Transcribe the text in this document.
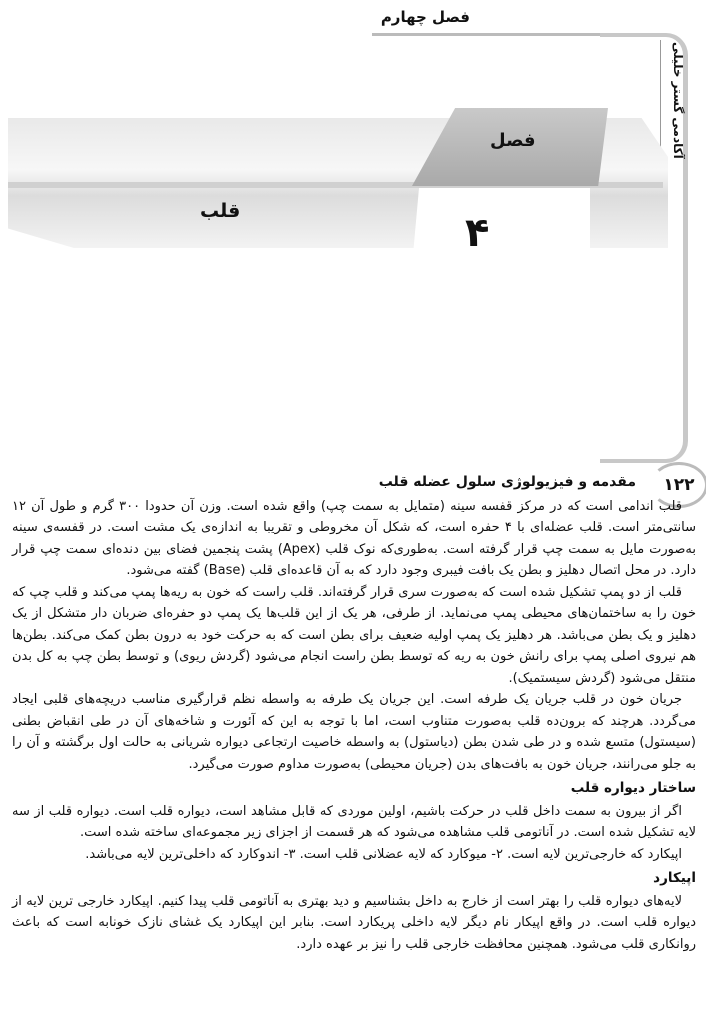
فصل چهارم
آکادمی گستر خلیلی
فصل
۴
قلب
۱۲۲
مقدمه و فیزیولوژی سلول عضله قلب

قلب اندامی است که در مرکز قفسه سینه (متمایل به سمت چپ) واقع شده است. وزن آن حدودا ۳۰۰ گرم و طول آن ۱۲ سانتی‌متر است. قلب عضله‌ای با ۴ حفره است، که شکل آن مخروطی و تقریبا به اندازه‌ی یک مشت است. در قفسه‌ی سینه به‌صورت مایل به سمت چپ قرار گرفته است. به‌طوری‌که نوک قلب (Apex) پشت پنجمین فضای بین دنده‌ای سمت چپ قرار دارد. در محل اتصال دهلیز و بطن یک بافت فیبری وجود دارد که به آن قاعده‌ای قلب (Base) گفته می‌شود.

قلب از دو پمپ تشکیل شده است که به‌صورت سری قرار گرفته‌اند. قلب راست که خون به ریه‌ها پمپ می‌کند و قلب چپ که خون را به ساختمان‌های محیطی پمپ می‌نماید. از طرفی، هر یک از این قلب‌ها یک پمپ دو حفره‌ای ضربان دار متشکل از یک دهلیز و یک بطن می‌باشد. هر دهلیز یک پمپ اولیه ضعیف برای بطن است که به حرکت خود به درون بطن کمک می‌کند. بطن‌ها هم نیروی اصلی پمپ برای رانش خون به ریه که توسط بطن راست انجام می‌شود (گردش ریوی) و توسط بطن چپ به کل بدن منتقل می‌شود (گردش سیستمیک).

جریان خون در قلب جریان یک طرفه است. این جریان یک طرفه به واسطه نظم قرارگیری مناسب دریچه‌های قلبی ایجاد می‌گردد. هرچند که برون‌ده قلب به‌صورت متناوب است، اما با توجه به این که آئورت و شاخه‌های آن در طی انقباض بطنی (سیستول) متسع شده و در طی شدن بطن (دیاستول) به واسطه خاصیت ارتجاعی دیواره شریانی به حالت اول برگشته و آن را به جلو می‌رانند، جریان خون به بافت‌های بدن (جریان محیطی) به‌صورت مداوم صورت می‌گیرد.

ساختار دیواره قلب

اگر از بیرون به سمت داخل قلب در حرکت باشیم، اولین موردی که قابل مشاهد است، دیواره قلب است. دیواره قلب از سه لایه تشکیل شده است. در آناتومی قلب مشاهده می‌شود که هر قسمت از اجزای زیر مجموعه‌ای ساخته شده است.

اپیکارد که خارجی‌ترین لایه است. ۲- میوکارد که لایه عضلانی قلب است. ۳- اندوکارد که داخلی‌ترین لایه می‌باشد.

اپیکارد

لایه‌های دیواره قلب را بهتر است از خارج به داخل بشناسیم و دید بهتری به آناتومی قلب پیدا کنیم. اپیکارد خارجی ترین لایه از دیواره قلب است. در واقع اپیکار نام دیگر لایه داخلی پریکارد است. بنابر این اپیکارد یک غشای نازک خونابه است که باعث روانکاری قلب می‌شود. همچنین محافظت خارجی قلب را نیز بر عهده دارد.
